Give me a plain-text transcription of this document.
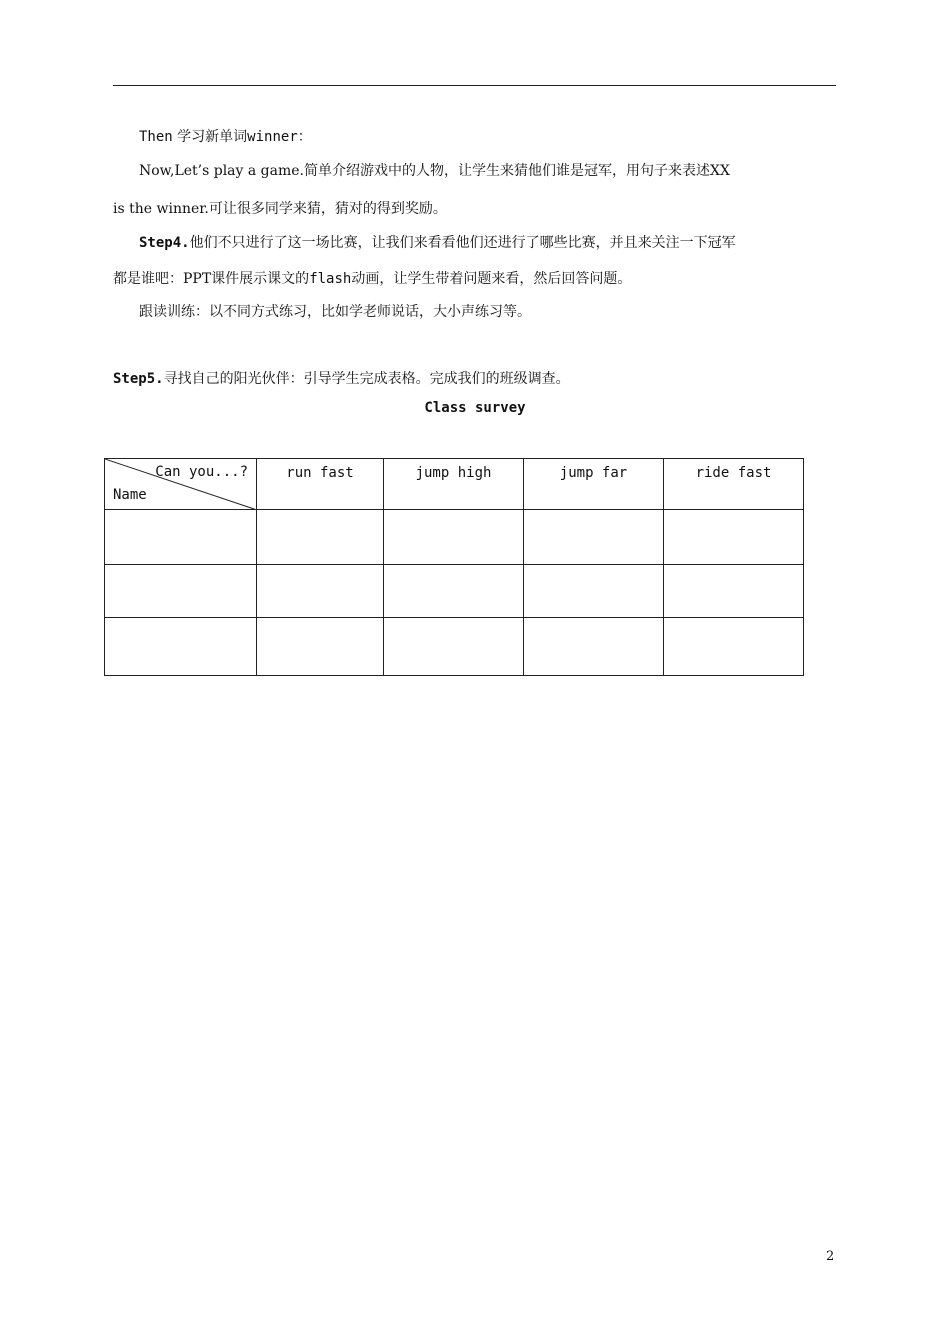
Then 学习新单词winner：
Now,Let’s play a game.简单介绍游戏中的人物，让学生来猜他们谁是冠军，用句子来表述XX
is the winner.可让很多同学来猜，猜对的得到奖励。
Step4.他们不只进行了这一场比赛，让我们来看看他们还进行了哪些比赛，并且来关注一下冠军
都是谁吧：PPT课件展示课文的flash动画，让学生带着问题来看，然后回答问题。
跟读训练：以不同方式练习，比如学老师说话，大小声练习等。
Step5.寻找自己的阳光伙伴：引导学生完成表格。完成我们的班级调查。
Class survey
Can you...?
Name	run fast	jump high	jump far	ride fast

2
